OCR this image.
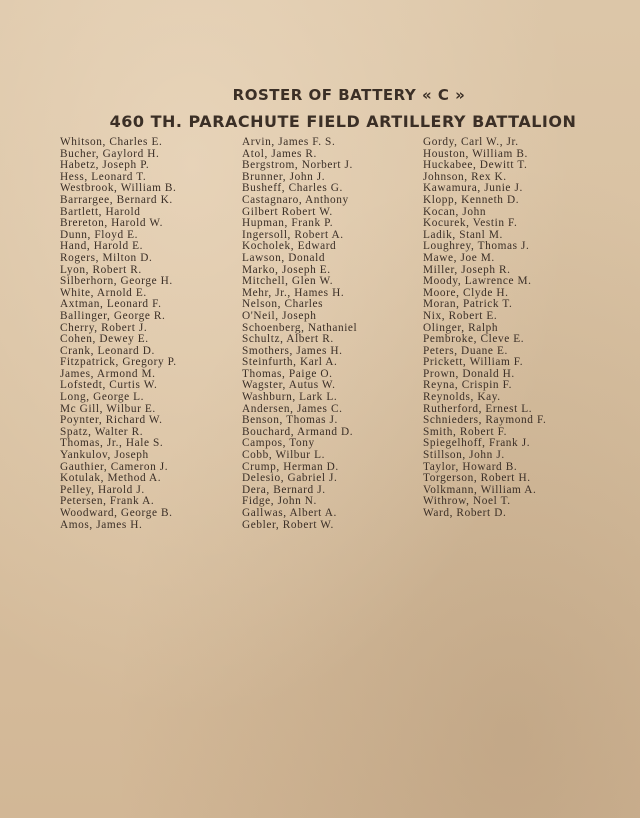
ROSTER OF BATTERY « C »
460 TH. PARACHUTE FIELD ARTILLERY BATTALION
Whitson, Charles E.
Bucher, Gaylord H.
Habetz, Joseph P.
Hess, Leonard T.
Westbrook, William B.
Barrargee, Bernard K.
Bartlett, Harold
Brereton, Harold W.
Dunn, Floyd E.
Hand, Harold E.
Rogers, Milton D.
Lyon, Robert R.
Silberhorn, George H.
White, Arnold E.
Axtman, Leonard F.
Ballinger, George R.
Cherry, Robert J.
Cohen, Dewey E.
Crank, Leonard D.
Fitzpatrick, Gregory P.
James, Armond M.
Lofstedt, Curtis W.
Long, George L.
Mc Gill, Wilbur E.
Poynter, Richard W.
Spatz, Walter R.
Thomas, Jr., Hale S.
Yankulov, Joseph
Gauthier, Cameron J.
Kotulak, Method A.
Pelley, Harold J.
Petersen, Frank A.
Woodward, George B.
Amos, James H.
Arvin, James F. S.
Atol, James R.
Bergstrom, Norbert J.
Brunner, John J.
Busheff, Charles G.
Castagnaro, Anthony
Gilbert Robert W.
Hupman, Frank P.
Ingersoll, Robert A.
Kocholek, Edward
Lawson, Donald
Marko, Joseph E.
Mitchell, Glen W.
Mehr, Jr., Hames H.
Nelson, Charles
O'Neil, Joseph
Schoenberg, Nathaniel
Schultz, Albert R.
Smothers, James H.
Steinfurth, Karl A.
Thomas, Paige O.
Wagster, Autus W.
Washburn, Lark L.
Andersen, James C.
Benson, Thomas J.
Bouchard, Armand D.
Campos, Tony
Cobb, Wilbur L.
Crump, Herman D.
Delesio, Gabriel J.
Dera, Bernard J.
Fidge, John N.
Gallwas, Albert A.
Gebler, Robert W.
Gordy, Carl W., Jr.
Houston, William B.
Huckabee, Dewitt T.
Johnson, Rex K.
Kawamura, Junie J.
Klopp, Kenneth D.
Kocan, John
Kocurek, Vestin F.
Ladik, Stanl M.
Loughrey, Thomas J.
Mawe, Joe M.
Miller, Joseph R.
Moody, Lawrence M.
Moore, Clyde H.
Moran, Patrick T.
Nix, Robert E.
Olinger, Ralph
Pembroke, Cleve E.
Peters, Duane E.
Prickett, William F.
Prown, Donald H.
Reyna, Crispin F.
Reynolds, Kay.
Rutherford, Ernest L.
Schnieders, Raymond F.
Smith, Robert F.
Spiegelhoff, Frank J.
Stillson, John J.
Taylor, Howard B.
Torgerson, Robert H.
Volkmann, William A.
Withrow, Noel T.
Ward, Robert D.
